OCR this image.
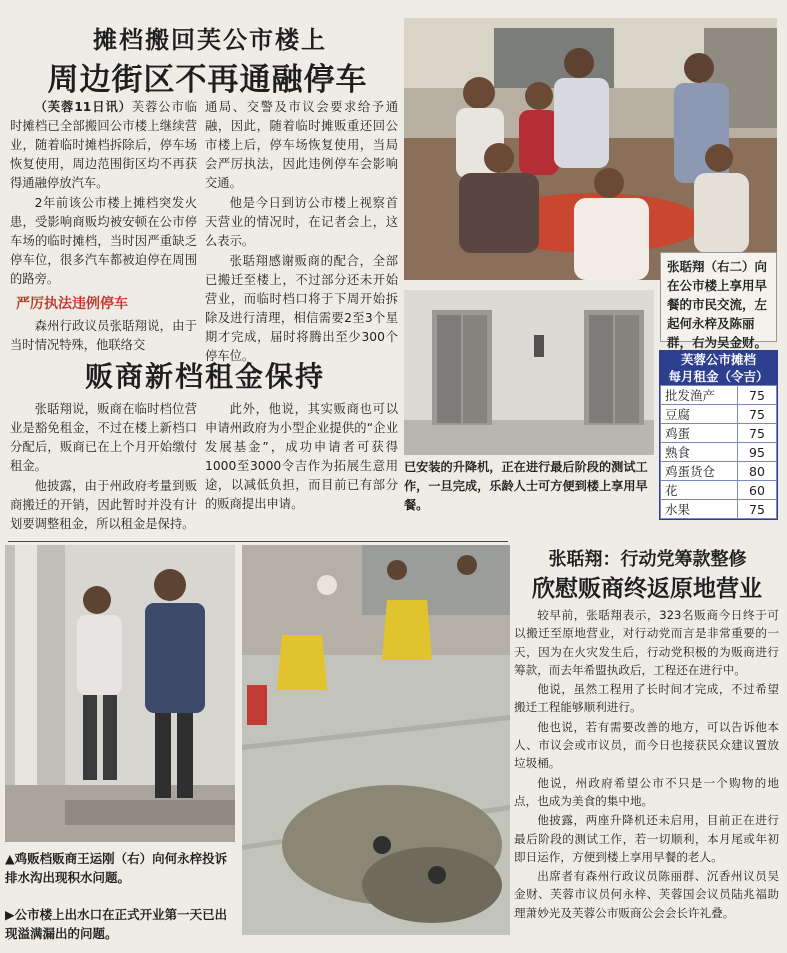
摊档搬回芙公市楼上
周边街区不再通融停车

（芙蓉11日讯）芙蓉公市临时摊档已全部搬回公市楼上继续营业，随着临时摊档拆除后，停车场恢复使用，周边范围街区均不再获得通融停放汽车。

2年前该公市楼上摊档突发火患，受影响商贩均被安顿在公市停车场的临时摊档，当时因严重缺乏停车位，很多汽车都被迫停在周围的路旁。

严厉执法违例停车

森州行政议员张聒翔说，由于当时情况特殊，他联络交

通局、交警及市议会要求给予通融，因此，随着临时摊贩重还回公市楼上后，停车场恢复使用，当局会严厉执法，因此违例停车会影响交通。

他是今日到访公市楼上视察首天营业的情况时，在记者会上，这么表示。

张聒翔感谢贩商的配合，全部已搬迁至楼上，不过部分还未开始营业，而临时档口将于下周开始拆除及进行清理，相信需要2至3个星期才完成，届时将腾出至少300个停车位。

贩商新档租金保持

张聒翔说，贩商在临时档位营业是豁免租金，不过在楼上新档口分配后，贩商已在上个月开始缴付租金。

他披露，由于州政府考量到贩商搬迁的开销，因此暂时并没有计划要调整租金，所以租金是保持。

此外，他说，其实贩商也可以申请州政府为小型企业提供的“企业发展基金”，成功申请者可获得1000至3000令吉作为拓展生意用途，以减低负担，而目前已有部分的贩商提出申请。

张聒翔（右二）向在公市楼上享用早餐的市民交流，左起何永梓及陈丽群，右为吴金财。
已安装的升降机，正在进行最后阶段的测试工作，一旦完成，乐龄人士可方便到楼上享用早餐。
芙蓉公市摊档
每月租金（令吉）
批发渔产	75
豆腐	75
鸡蛋	75
熟食	95
鸡蛋货仓	80
花	60
水果	75
▲鸡贩档贩商王运刚（右）向何永梓投诉排水沟出现积水问题。
张聒翔：行动党筹款整修
欣慰贩商终返原地营业

较早前，张聒翔表示，323名贩商今日终于可以搬迁至原地营业，对行动党而言是非常重要的一天，因为在火灾发生后，行动党积极的为贩商进行筹款，而去年希盟执政后，工程还在进行中。

他说，虽然工程用了长时间才完成，不过希望搬迁工程能够顺利进行。

他也说，若有需要改善的地方，可以告诉他本人、市议会或市议员，而今日也接获民众建议置放垃圾桶。

他说，州政府希望公市不只是一个购物的地点，也成为美食的集中地。

他披露，两座升降机还未启用，目前正在进行最后阶段的测试工作，若一切顺利，本月尾或年初即日运作，方便到楼上享用早餐的老人。

出席者有森州行政议员陈丽群、沉香州议员吴金财、芙蓉市议员何永梓、芙蓉国会议员陆兆福助理萧妙光及芙蓉公市贩商公会会长许礼叠。

▶公市楼上出水口在正式开业第一天已出现溢满漏出的问题。
